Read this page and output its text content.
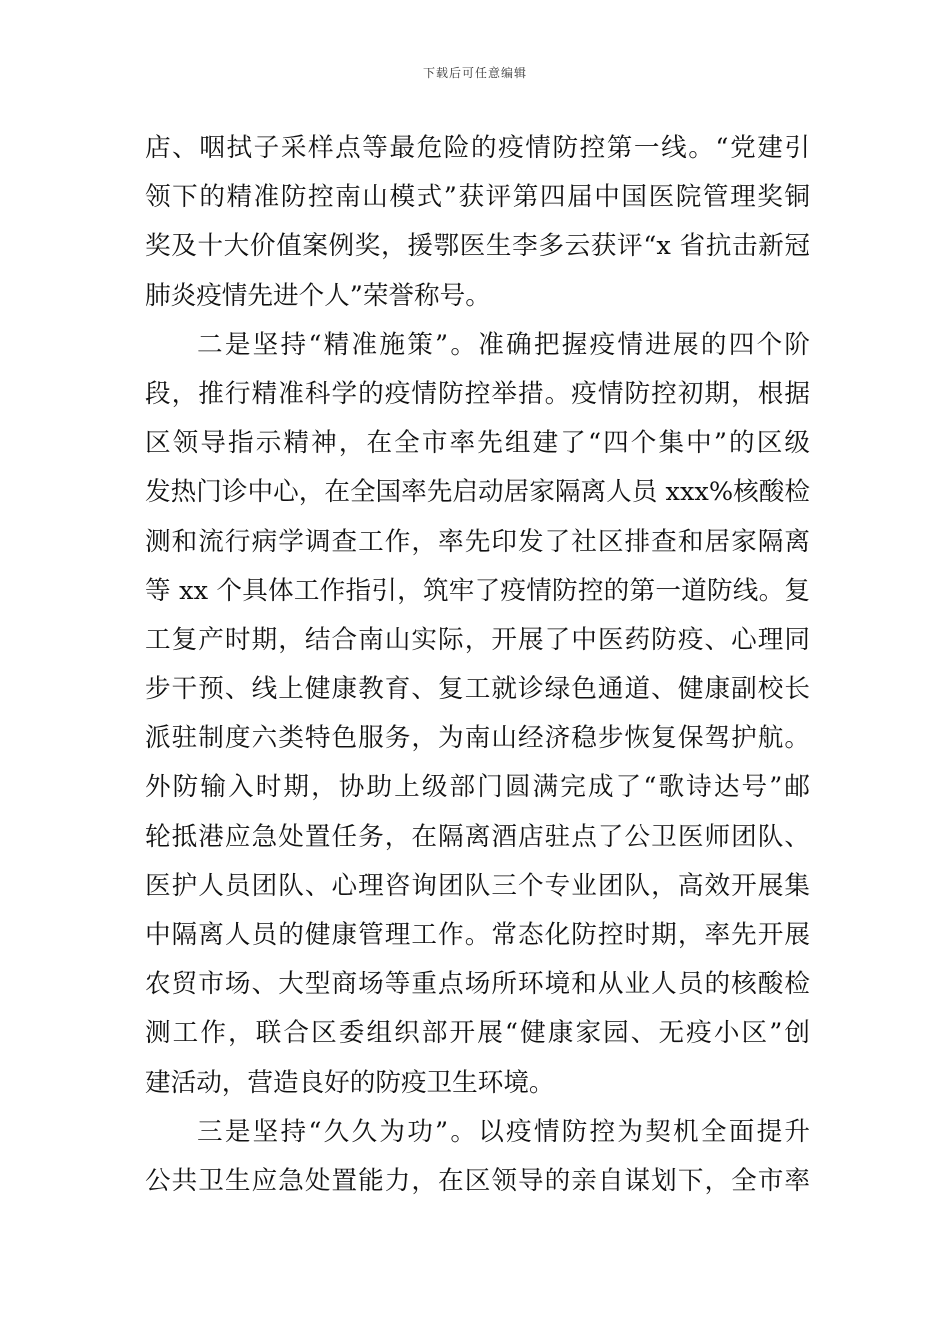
下载后可任意编辑
店、咽拭子采样点等最危险的疫情防控第一线。“党建引
领下的精准防控南山模式”获评第四届中国医院管理奖铜
奖及十大价值案例奖，援鄂医生李多云获评“x 省抗击新冠
肺炎疫情先进个人”荣誉称号。
二是坚持“精准施策”。准确把握疫情进展的四个阶
段，推行精准科学的疫情防控举措。疫情防控初期，根据
区领导指示精神，在全市率先组建了“四个集中”的区级
发热门诊中心，在全国率先启动居家隔离人员 xxx%核酸检
测和流行病学调查工作，率先印发了社区排查和居家隔离
等 xx 个具体工作指引，筑牢了疫情防控的第一道防线。复
工复产时期，结合南山实际，开展了中医药防疫、心理同
步干预、线上健康教育、复工就诊绿色通道、健康副校长
派驻制度六类特色服务，为南山经济稳步恢复保驾护航。
外防输入时期，协助上级部门圆满完成了“歌诗达号”邮
轮抵港应急处置任务，在隔离酒店驻点了公卫医师团队、
医护人员团队、心理咨询团队三个专业团队，高效开展集
中隔离人员的健康管理工作。常态化防控时期，率先开展
农贸市场、大型商场等重点场所环境和从业人员的核酸检
测工作，联合区委组织部开展“健康家园、无疫小区”创
建活动，营造良好的防疫卫生环境。
三是坚持“久久为功”。以疫情防控为契机全面提升
公共卫生应急处置能力，在区领导的亲自谋划下，全市率
